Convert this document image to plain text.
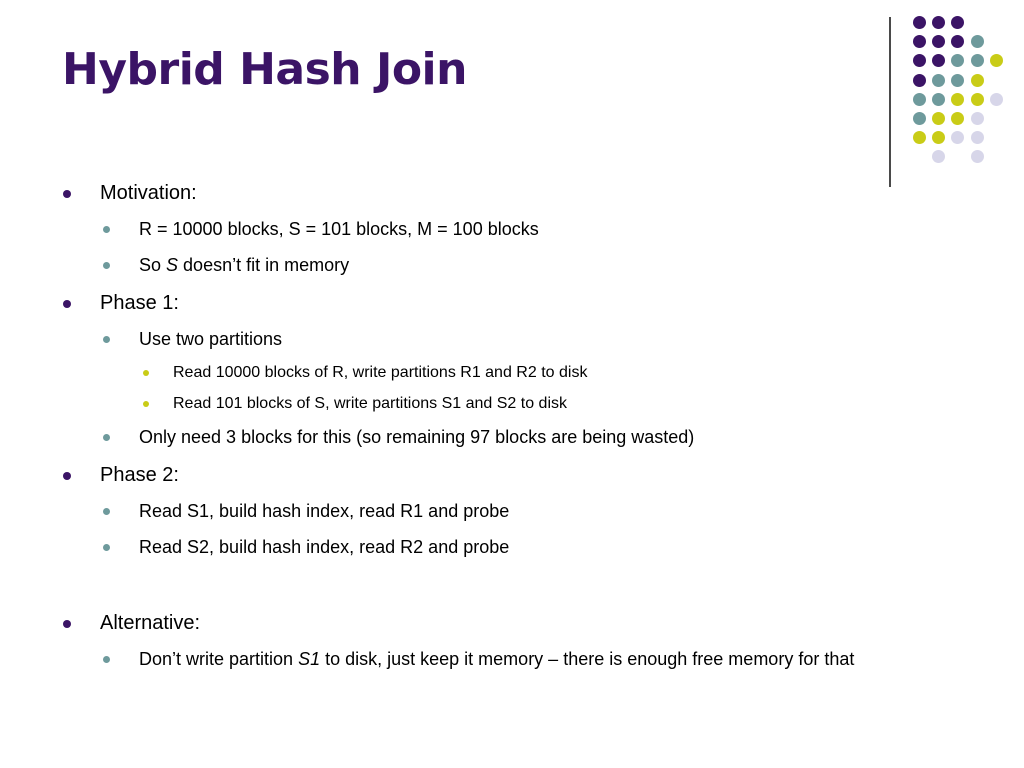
Hybrid Hash Join
Motivation:
R = 10000 blocks, S = 101 blocks, M = 100 blocks
So S doesn’t fit in memory
Phase 1:
Use two partitions
Read 10000 blocks of R, write partitions R1 and R2 to disk
Read 101 blocks of S, write partitions S1 and S2 to disk
Only need 3 blocks for this (so remaining 97 blocks are being wasted)
Phase 2:
Read S1, build hash index, read R1 and probe
Read S2, build hash index, read R2 and probe
Alternative:
Don’t write partition S1 to disk, just keep it memory – there is enough free memory for that
